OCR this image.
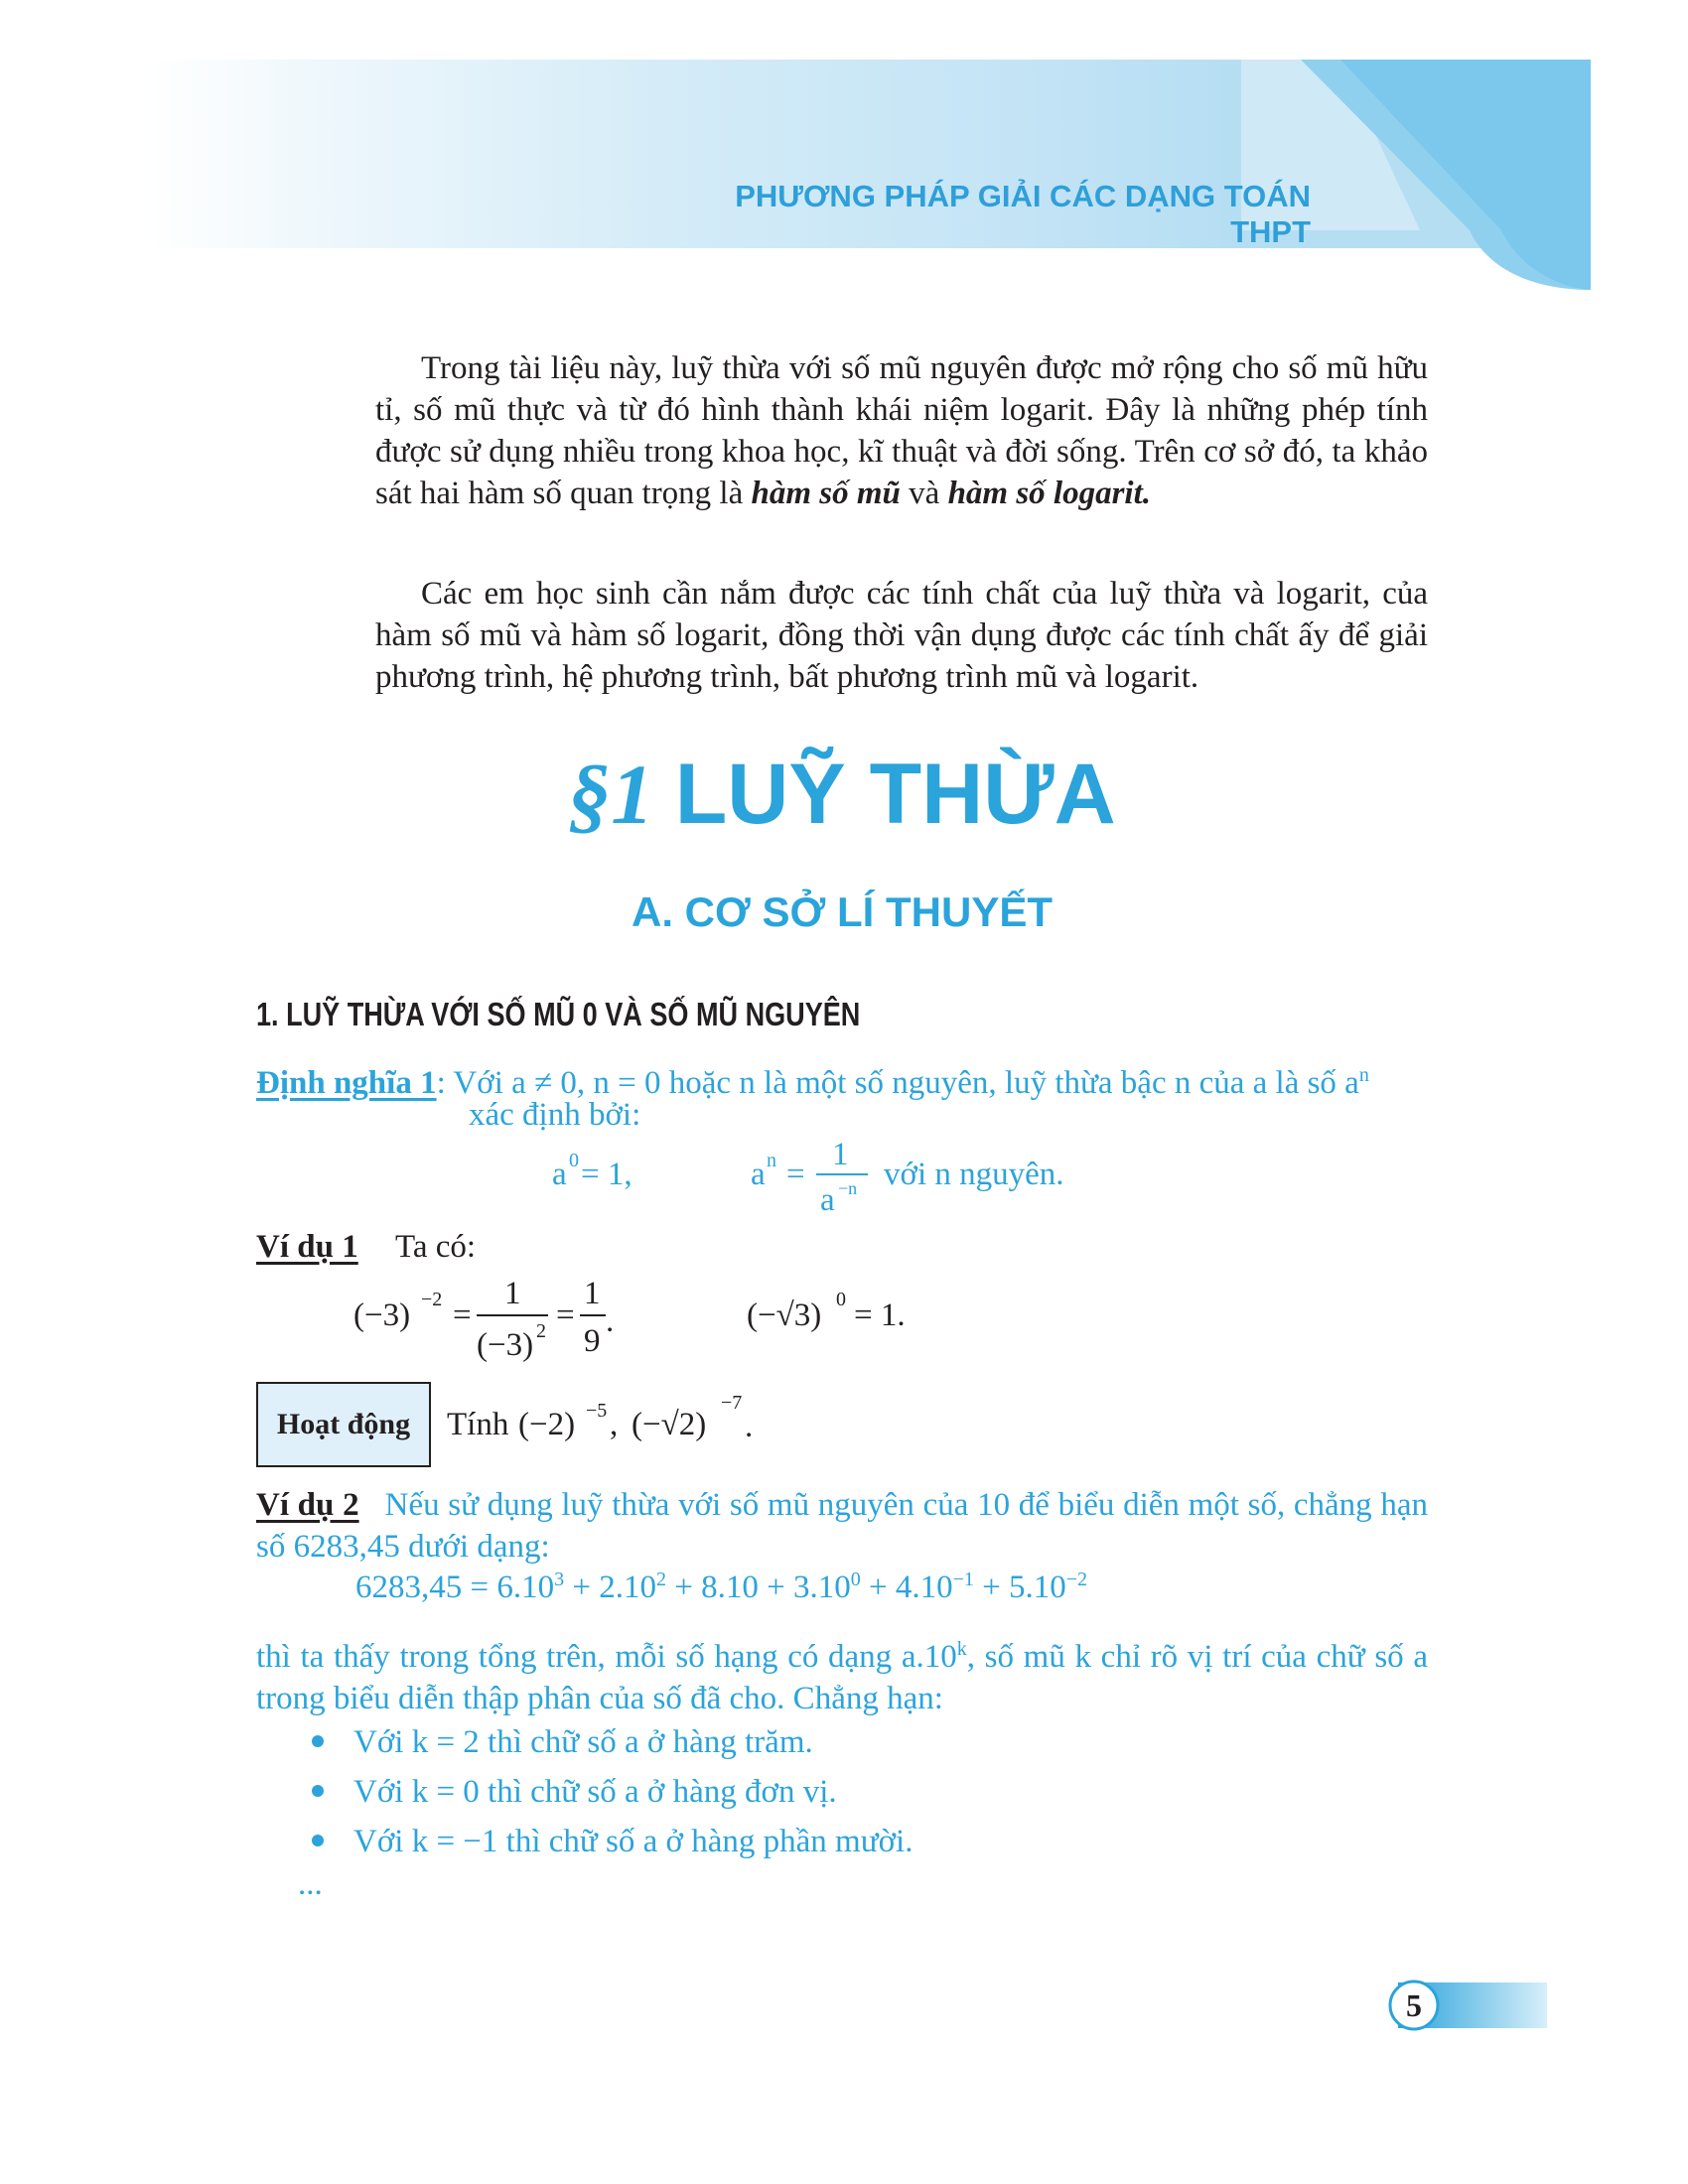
PHƯƠNG PHÁP GIẢI CÁC DẠNG TOÁN THPT
Trong tài liệu này, luỹ thừa với số mũ nguyên được mở rộng cho số mũ hữu tỉ, số mũ thực và từ đó hình thành khái niệm logarit. Đây là những phép tính được sử dụng nhiều trong khoa học, kĩ thuật và đời sống. Trên cơ sở đó, ta khảo sát hai hàm số quan trọng là hàm số mũ và hàm số logarit.
Các em học sinh cần nắm được các tính chất của luỹ thừa và logarit, của hàm số mũ và hàm số logarit, đồng thời vận dụng được các tính chất ấy để giải phương trình, hệ phương trình, bất phương trình mũ và logarit.
§1 LUỸ THỪA
A. CƠ SỞ LÍ THUYẾT
1. LUỸ THỪA VỚI SỐ MŨ 0 VÀ SỐ MŨ NGUYÊN
Định nghĩa 1: Với a ≠ 0, n = 0 hoặc n là một số nguyên, luỹ thừa bậc n của a là số $a^n$
xác định bởi:
a 0 = 1,	a n =
1
a −n với n nguyên.
Ví dụ 1 Ta có:
(−3) −2 =
1
(−3) 2 =
1
9
.	(−√3) 0 = 1.
Hoạt động	Tính (−2) −5 , (−√2)
−7
.
Ví dụ 2 Nếu sử dụng luỹ thừa với số mũ nguyên của 10 để biểu diễn một số, chẳng hạn số 6283,45 dưới dạng:
$6283,45 = 6.10^3 + 2.10^2 + 8.10 + 3.10^0 + 4.10^{-1} + 5.10^{-2}$
thì ta thấy trong tổng trên, mỗi số hạng có dạng a.10$^k$, số mũ k chỉ rõ vị trí của chữ số a trong biểu diễn thập phân của số đã cho. Chẳng hạn:
Với k = 2 thì chữ số a ở hàng trăm.
Với k = 0 thì chữ số a ở hàng đơn vị.
Với k = −1 thì chữ số a ở hàng phần mười.
...
5
